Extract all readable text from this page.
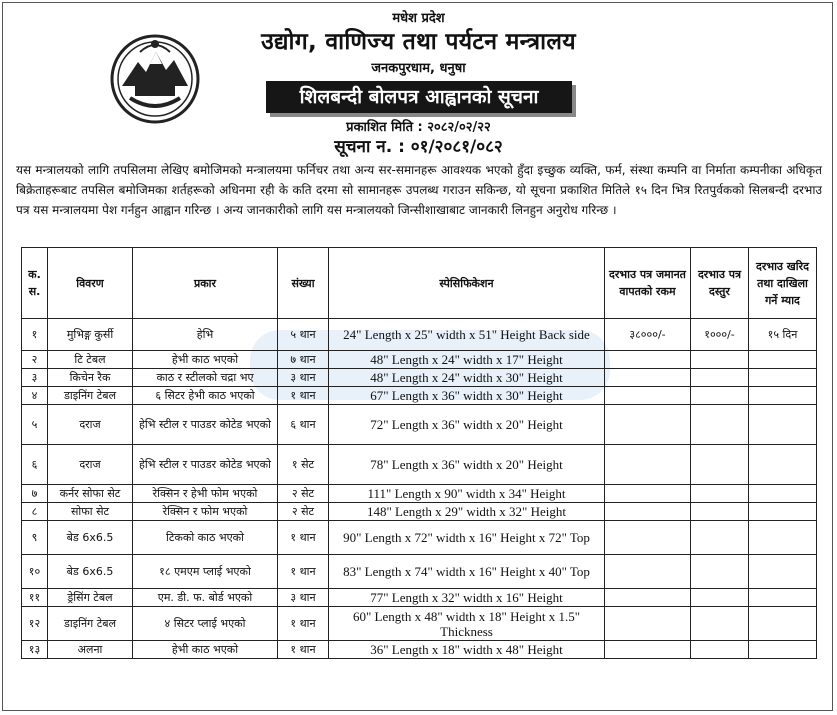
मधेश प्रदेश
उद्योग, वाणिज्य तथा पर्यटन मन्त्रालय
जनकपुरधाम, धनुषा
शिलबन्दी बोलपत्र आह्वानको सूचना
प्रकाशित मिति : २०८२/०२/२२
सूचना न. : ०१/२०८१/०८२
यस मन्त्रालयको लागि तपसिलमा लेखिए बमोजिमको मन्त्रालयमा फर्निचर तथा अन्य सर-समानहरू आवश्यक भएको हुँदा इच्छुक व्यक्ति, फर्म, संस्था कम्पनि वा निर्माता कम्पनीका अधिकृत बिक्रेताहरूबाट तपसिल बमोजिमका शर्तहरूको अधिनमा रही के कति दरमा सो सामानहरू उपलब्ध गराउन सकिन्छ, यो सूचना प्रकाशित मितिले १५ दिन भित्र रितपुर्वकको सिलबन्दी दरभाउ पत्र यस मन्त्रालयमा पेश गर्नहुन आह्वान गरिन्छ । अन्य जानकारीको लागि यस मन्त्रालयको जिन्सीशाखाबाट जानकारी लिनहुन अनुरोध गरिन्छ ।
क. स.	विवरण	प्रकार	संख्या	स्पेसिफिकेशन	दरभाउ पत्र जमानत वापतको रकम	दरभाउ पत्र दस्तुर	दरभाउ खरिद तथा दाखिला गर्ने म्याद
१	मुभिङ्ग कुर्सी	हेभि	५ थान	24" Length x 25" width x 51" Height Back side	३८०००/-	१०००/-	१५ दिन
२	टि टेबल	हेभी काठ भएको	७ थान	48" Length x 24" width x 17" Height			
३	किचेन रैक	काठ र स्टीलको चद्रा भए	३ थान	48" Length x 24" width x 30" Height			
४	डाइनिंग टेबल	६ सिटर हेभी काठ भएको	१ थान	67" Length x 36" width x 30" Height			
५	दराज	हेभि स्टील र पाउडर कोटेड भएको	६ थान	72" Length x 36" width x 20" Height			
६	दराज	हेभि स्टील र पाउडर कोटेड भएको	१ सेट	78" Length x 36" width x 20" Height			
७	कर्नर सोफा सेट	रेक्सिन र हेभी फोम भएको	२ सेट	111" Length x 90" width x 34" Height			
८	सोफा सेट	रेक्सिन र फोम भएको	२ सेट	148" Length x 29" width x 32" Height			
९	बेड 6x6.5	टिकको काठ भएको	१ थान	90" Length x 72" width x 16" Height x 72" Top			
१०	बेड 6x6.5	१८ एमएम प्लाई भएको	१ थान	83" Length x 74" width x 16" Height x 40" Top			
११	ड्रेसिंग टेबल	एम. डी. फ. बोर्ड भएको	३ थान	77" Length x 32" width x 16" Height			
१२	डाइनिंग टेबल	४ सिटर प्लाई भएको	१ थान	60" Length x 48" width x 18" Height x 1.5" Thickness			
१३	अलना	हेभी काठ भएको	१ थान	36" Length x 18" width x 48" Height			
